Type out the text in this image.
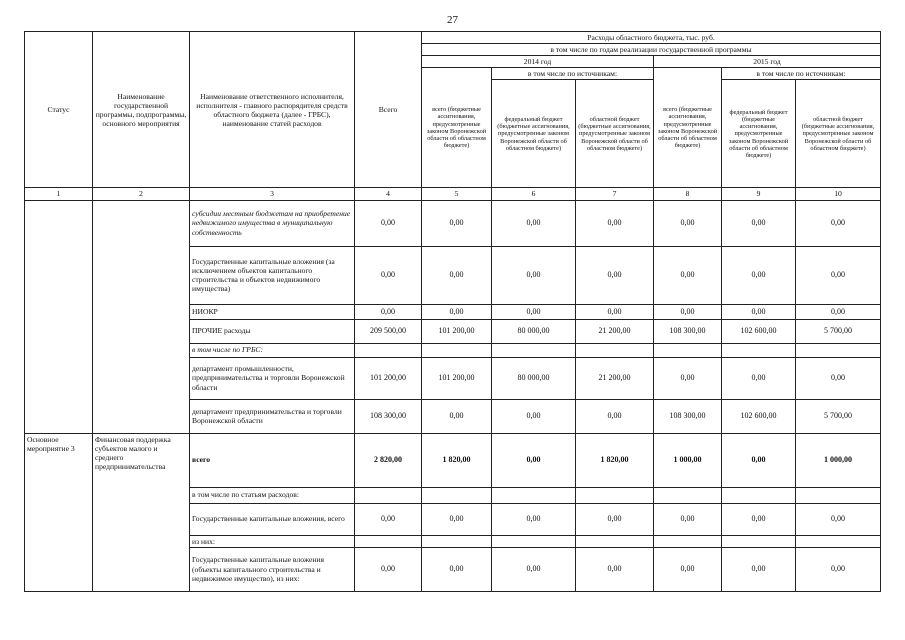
27
Статус	Наименование государственной программы, подпрограммы, основного мероприятия	Наименование ответственного исполнителя, исполнителя - главного распорядителя средств областного бюджета (далее - ГРБС), наименование статей расходов	Всего	Расходы областного бюджета, тыс. руб.					
				в том числе по годам реализации государственной программы					
				2014 год			2015 год		
				всего (бюджетные ассигнования, предусмотренные законом Воронежской области об областном бюджете)	в том числе по источникам:		всего (бюджетные ассигнования, предусмотренные законом Воронежской области об областном бюджете)	в том числе по источникам:	
					федеральный бюджет (бюджетные ассигнования, предусмотренные законом Воронежской области об областном бюджете)	областной бюджет (бюджетные ассигнования, предусмотренные законом Воронежской области об областном бюджете)		федеральный бюджет (бюджетные ассигнования, предусмотренные законом Воронежской области об областном бюджете)	областной бюджет (бюджетные ассигнования, предусмотренные законом Воронежской области об областном бюджете)
1	2	3	4	5	6	7	8	9	10
		субсидии местным бюджетам на приобретение недвижимого имущества в муниципальную собственность	0,00	0,00	0,00	0,00	0,00	0,00	0,00
		Государственные капитальные вложения (за исключением объектов капитального строительства и объектов недвижимого имущества)	0,00	0,00	0,00	0,00	0,00	0,00	0,00
		НИОКР	0,00	0,00	0,00	0,00	0,00	0,00	0,00
		ПРОЧИЕ расходы	209 500,00	101 200,00	80 000,00	21 200,00	108 300,00	102 600,00	5 700,00
		в том числе по ГРБС:							
		департамент промышленности, предпринимательства и торговли Воронежской области	101 200,00	101 200,00	80 000,00	21 200,00	0,00	0,00	0,00
		департамент предпринимательства и торговли Воронежской области	108 300,00	0,00	0,00	0,00	108 300,00	102 600,00	5 700,00
Основное мероприятие 3	Финансовая поддержка субъектов малого и среднего предпринимательства	всего	2 820,00	1 820,00	0,00	1 820,00	1 000,00	0,00	1 000,00
		в том числе по статьям расходов:							
		Государственные капитальные вложения, всего	0,00	0,00	0,00	0,00	0,00	0,00	0,00
		из них:							
		Государственные капитальные вложения (объекты капитального строительства и недвижимое имущество), из них:	0,00	0,00	0,00	0,00	0,00	0,00	0,00
